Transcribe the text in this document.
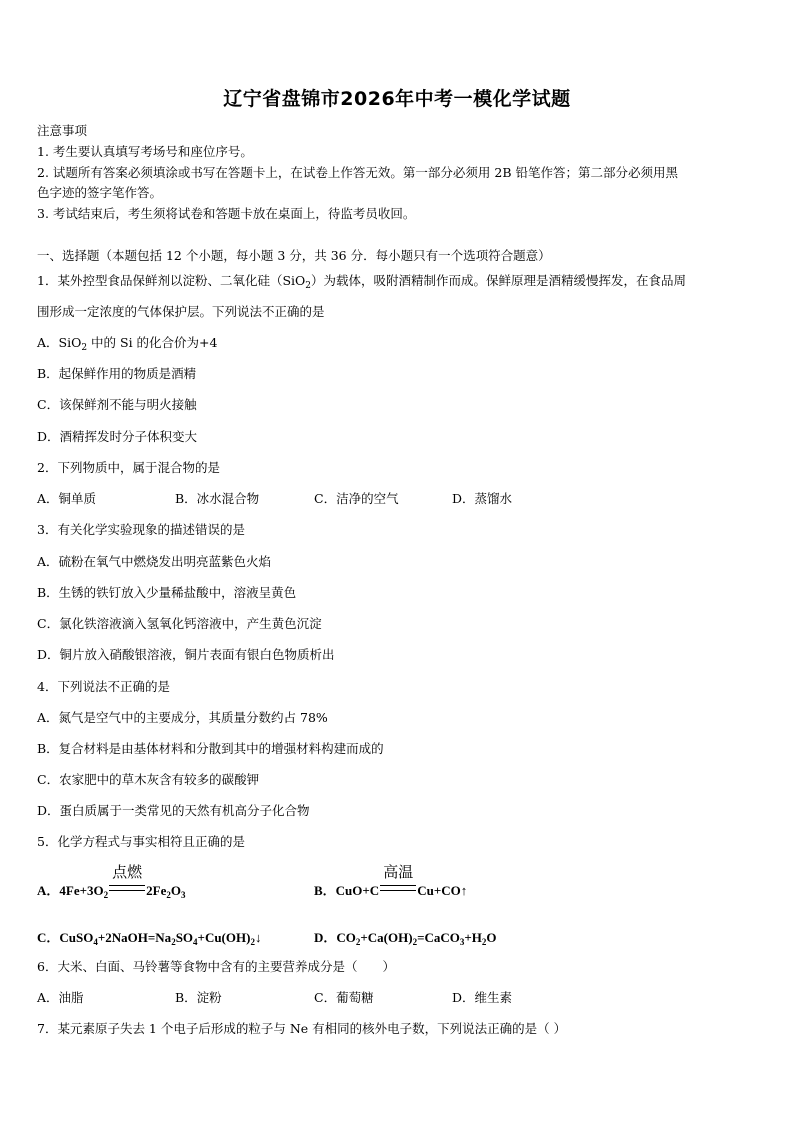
辽宁省盘锦市2026年中考一模化学试题
注意事项
1. 考生要认真填写考场号和座位序号。
2. 试题所有答案必须填涂或书写在答题卡上，在试卷上作答无效。第一部分必须用 2B 铅笔作答；第二部分必须用黑
色字迹的签字笔作答。
3. 考试结束后，考生须将试卷和答题卡放在桌面上，待监考员收回。
一、选择题（本题包括 12 个小题，每小题 3 分，共 36 分．每小题只有一个选项符合题意）
1．某外控型食品保鲜剂以淀粉、二氧化硅（SiO$_2$）为载体，吸附酒精制作而成。保鲜原理是酒精缓慢挥发，在食品周
围形成一定浓度的气体保护层。下列说法不正确的是
A．SiO$_2$ 中的 Si 的化合价为+4
B．起保鲜作用的物质是酒精
C．该保鲜剂不能与明火接触
D．酒精挥发时分子体积变大
2．下列物质中，属于混合物的是
A．铜单质	B．冰水混合物	C．洁净的空气	D．蒸馏水
3．有关化学实验现象的描述错误的是
A．硫粉在氧气中燃烧发出明亮蓝紫色火焰
B．生锈的铁钉放入少量稀盐酸中，溶液呈黄色
C．氯化铁溶液滴入氢氧化钙溶液中，产生黄色沉淀
D．铜片放入硝酸银溶液，铜片表面有银白色物质析出
4．下列说法不正确的是
A．氮气是空气中的主要成分，其质量分数约占 78%
B．复合材料是由基体材料和分散到其中的增强材料构建而成的
C．农家肥中的草木灰含有较多的碳酸钾
D．蛋白质属于一类常见的天然有机高分子化合物
5．化学方程式与事实相符且正确的是
A．$4Fe+3O_2$
点燃
$2Fe_2O_3$	B．CuO+C
高温
Cu+CO↑
C．$CuSO_4+2NaOH=Na_2SO_4+Cu(OH)_2↓$	D．$CO_2+Ca(OH)_2=CaCO_3+H_2O$
6．大米、白面、马铃薯等食物中含有的主要营养成分是（　　）
A．油脂	B．淀粉	C．葡萄糖	D．维生素
7．某元素原子失去 1 个电子后形成的粒子与 Ne 有相同的核外电子数，下列说法正确的是（ ）
